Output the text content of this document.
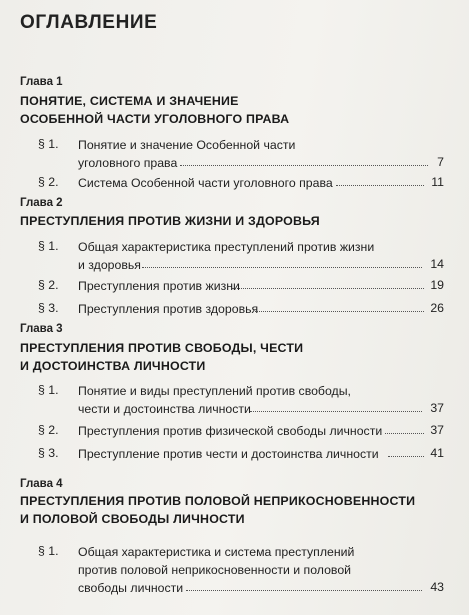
ОГЛАВЛЕНИЕ
Глава 1
ПОНЯТИЕ, СИСТЕМА И ЗНАЧЕНИЕ
ОСОБЕННОЙ ЧАСТИ УГОЛОВНОГО ПРАВА
§ 1. Понятие и значение Особенной части
уголовного права	7
§ 2. Система Особенной части уголовного права	11
Глава 2
ПРЕСТУПЛЕНИЯ ПРОТИВ ЖИЗНИ И ЗДОРОВЬЯ
§ 1. Общая характеристика преступлений против жизни
и здоровья	14
§ 2. Преступления против жизни	19
§ 3. Преступления против здоровья	26
Глава 3
ПРЕСТУПЛЕНИЯ ПРОТИВ СВОБОДЫ, ЧЕСТИ
И ДОСТОИНСТВА ЛИЧНОСТИ
§ 1. Понятие и виды преступлений против свободы,
чести и достоинства личности	37
§ 2. Преступления против физической свободы личности	37
§ 3. Преступление против чести и достоинства личности	41
Глава 4
ПРЕСТУПЛЕНИЯ ПРОТИВ ПОЛОВОЙ НЕПРИКОСНОВЕННОСТИ
И ПОЛОВОЙ СВОБОДЫ ЛИЧНОСТИ
§ 1. Общая характеристика и система преступлений
против половой неприкосновенности и половой
свободы личности	43
